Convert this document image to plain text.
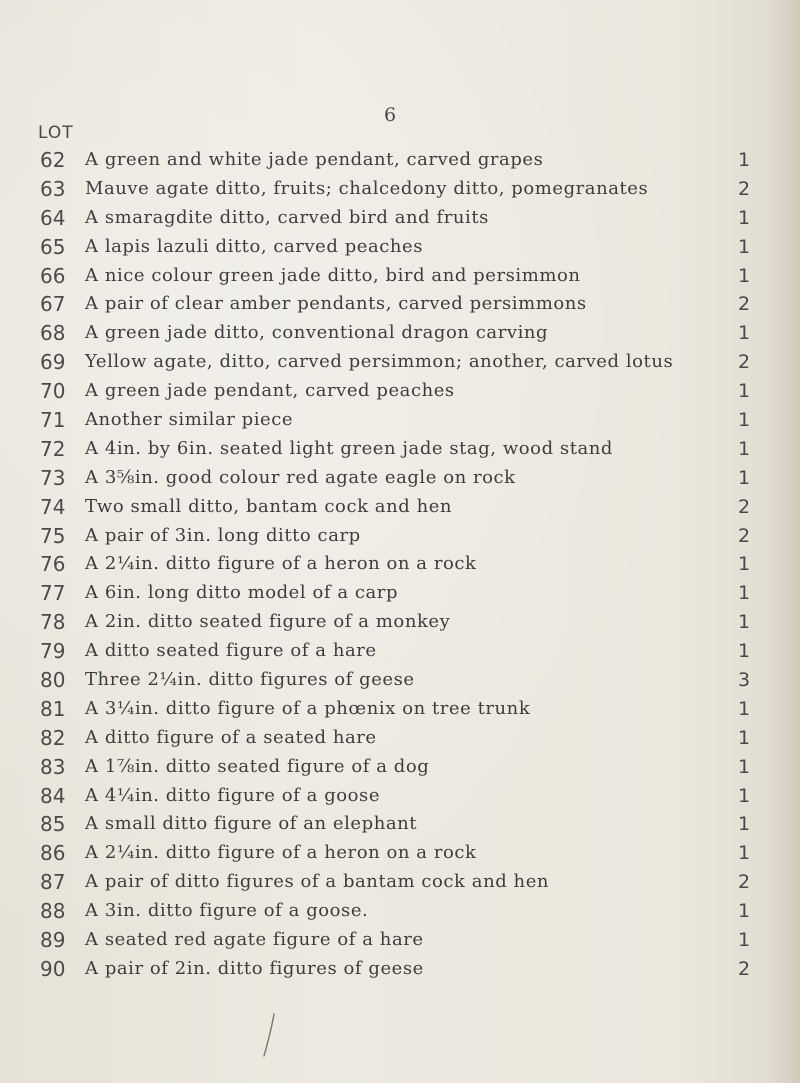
6
LOT
62 A green and white jade pendant, carved grapes	1
63 Mauve agate ditto, fruits; chalcedony ditto, pomegranates	2
64 A smaragdite ditto, carved bird and fruits	1
65 A lapis lazuli ditto, carved peaches	1
66 A nice colour green jade ditto, bird and persimmon	1
67 A pair of clear amber pendants, carved persimmons	2
68 A green jade ditto, conventional dragon carving	1
69 Yellow agate, ditto, carved persimmon; another, carved lotus	2
70 A green jade pendant, carved peaches	1
71 Another similar piece	1
72 A 4in. by 6in. seated light green jade stag, wood stand	1
73 A 3⅝in. good colour red agate eagle on rock	1
74 Two small ditto, bantam cock and hen	2
75 A pair of 3in. long ditto carp	2
76 A 2¼in. ditto figure of a heron on a rock	1
77 A 6in. long ditto model of a carp	1
78 A 2in. ditto seated figure of a monkey	1
79 A ditto seated figure of a hare	1
80 Three 2¼in. ditto figures of geese	3
81 A 3¼in. ditto figure of a phœnix on tree trunk	1
82 A ditto figure of a seated hare	1
83 A 1⅞in. ditto seated figure of a dog	1
84 A 4¼in. ditto figure of a goose	1
85 A small ditto figure of an elephant	1
86 A 2¼in. ditto figure of a heron on a rock	1
87 A pair of ditto figures of a bantam cock and hen	2
88 A 3in. ditto figure of a goose.	1
89 A seated red agate figure of a hare	1
90 A pair of 2in. ditto figures of geese	2
